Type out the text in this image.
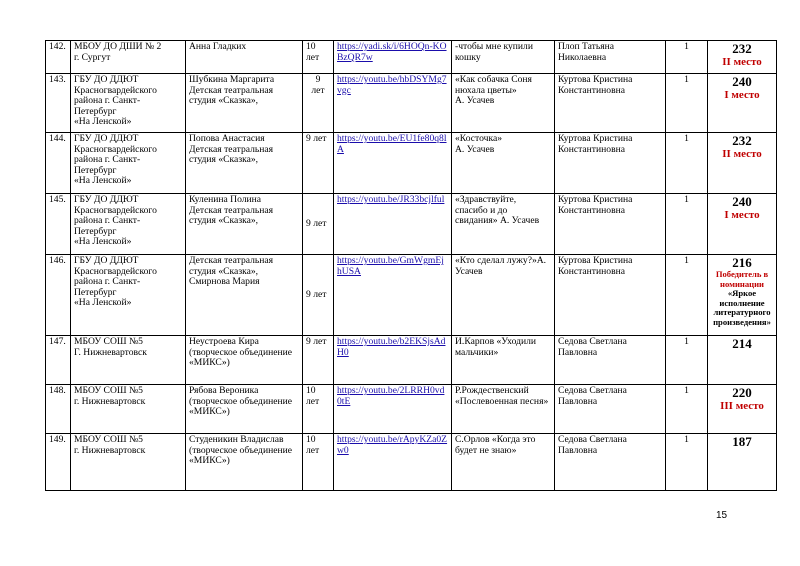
142.	МБОУ ДО ДШИ № 2
г. Сургут	Анна Гладких	10
лет	https://yadi.sk/i/6HOQn-KOBzQR7w	-чтобы мне купили кошку	Плоп Татьяна
Николаевна	1	232
II место

143.	ГБУ ДО ДДЮТ
Красногвардейского района г. Санкт-Петербург
«На Ленской»	Шубкина Маргарита
Детская театральная студия «Сказка»,	9
лет	https://youtu.be/hbDSYMg7vgc	«Как собачка Соня нюхала цветы»
А. Усачев	Куртова Кристина
Константиновна	1	240
I место

144.	ГБУ ДО ДДЮТ
Красногвардейского района г. Санкт-Петербург
«На Ленской»	Попова Анастасия
Детская театральная студия «Сказка»,	9 лет	https://youtu.be/EU1fe80q8lA	«Косточка»
А. Усачев	Куртова Кристина
Константиновна	1	232
II место

145.	ГБУ ДО ДДЮТ
Красногвардейского района г. Санкт-Петербург
«На Ленской»	Куленина Полина
Детская театральная студия «Сказка»,	9 лет	https://youtu.be/JR33bcjlful	«Здравствуйте, спасибо и до свидания» А. Усачев	Куртова Кристина
Константиновна	1	240
I место

146.	ГБУ ДО ДДЮТ
Красногвардейского района г. Санкт-Петербург
«На Ленской»	Детская театральная студия «Сказка»,
Смирнова Мария	9 лет	https://youtu.be/GmWgmEjhUSA	«Кто сделал лужу?»А. Усачев	Куртова Кристина
Константиновна	1	216
Победитель в номинации
«Яркое исполнение литературного произведения»

147.	МБОУ СОШ №5
Г. Нижневартовск	Неустроева Кира
(творческое объединение «МИКС»)	9 лет	https://youtu.be/b2EKSjsAdH0	И.Карпов «Уходили мальчики»	Седова Светлана
Павловна	1	214

148.	МБОУ СОШ №5
г. Нижневартовск	Рябова Вероника
(творческое объединение «МИКС»)	10
лет	https://youtu.be/2LRRH0vd0tE	Р.Рождественский «Послевоенная песня»	Седова Светлана
Павловна	1	220
III место

149.	МБОУ СОШ №5
г. Нижневартовск	Студеникин Владислав
(творческое объединение «МИКС»)	10
лет	https://youtu.be/rApyKZa0Zw0	С.Орлов «Когда это будет не знаю»	Седова Светлана
Павловна	1	187
15
